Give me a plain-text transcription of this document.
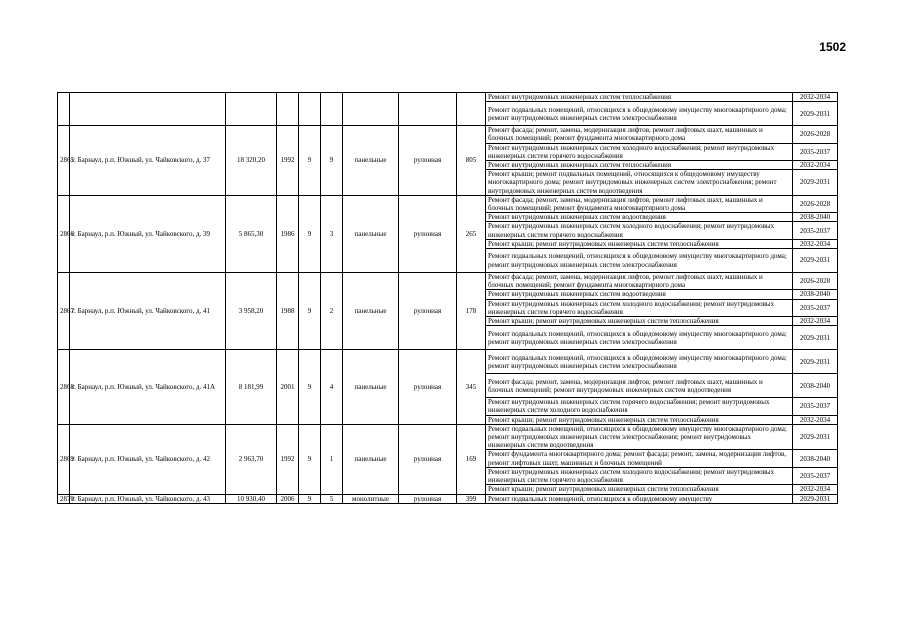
1502
									Ремонт внутридомовых инженерных систем теплоснабжения	2032-2034
									Ремонт подвальных помещений, относящихся к общедомовому имуществу многоквартирного дома; ремонт внутридомовых инженерных систем электроснабжения	2029-2031
2865	г. Барнаул, р.п. Южный, ул. Чайковского, д. 37	18 320,20	1992	9	9	панельные	рулонная	805	Ремонт фасада; ремонт, замена, модернизация лифтов, ремонт лифтовых шахт, машинных и блочных помещений; ремонт фундамента многоквартирного дома	2026-2028
									Ремонт внутридомовых инженерных систем холодного водоснабжения; ремонт внутридомовых инженерных систем горячего водоснабжения	2035-2037
									Ремонт внутридомовых инженерных систем теплоснабжения	2032-2034
									Ремонт крыши; ремонт подвальных помещений, относящихся к общедомовому имуществу многоквартирного дома; ремонт внутридомовых инженерных систем электроснабжения; ремонт внутридомовых инженерных систем водоотведения	2029-2031
2866	г. Барнаул, р.п. Южный, ул. Чайковского, д. 39	5 865,30	1986	9	3	панельные	рулонная	265	Ремонт фасада; ремонт, замена, модернизация лифтов, ремонт лифтовых шахт, машинных и блочных помещений; ремонт фундамента многоквартирного дома	2026-2028
									Ремонт внутридомовых инженерных систем водоотведения	2038-2040
									Ремонт внутридомовых инженерных систем холодного водоснабжения; ремонт внутридомовых инженерных систем горячего водоснабжения	2035-2037
									Ремонт крыши; ремонт внутридомовых инженерных систем теплоснабжения	2032-2034
									Ремонт подвальных помещений, относящихся к общедомовому имуществу многоквартирного дома; ремонт внутридомовых инженерных систем электроснабжения	2029-2031
2867	г. Барнаул, р.п. Южный, ул. Чайковского, д. 41	3 958,20	1988	9	2	панельные	рулонная	178	Ремонт фасада; ремонт, замена, модернизация лифтов, ремонт лифтовых шахт, машинных и блочных помещений; ремонт фундамента многоквартирного дома	2026-2028
									Ремонт внутридомовых инженерных систем водоотведения	2038-2040
									Ремонт внутридомовых инженерных систем холодного водоснабжения; ремонт внутридомовых инженерных систем горячего водоснабжения	2035-2037
									Ремонт крыши; ремонт внутридомовых инженерных систем теплоснабжения	2032-2034
									Ремонт подвальных помещений, относящихся к общедомовому имуществу многоквартирного дома; ремонт внутридомовых инженерных систем электроснабжения	2029-2031
2868	г. Барнаул, р.п. Южный, ул. Чайковского, д. 41А	8 181,99	2001	9	4	панельные	рулонная	345	Ремонт подвальных помещений, относящихся к общедомовому имуществу многоквартирного дома; ремонт внутридомовых инженерных систем электроснабжения	2029-2031
									Ремонт фасада; ремонт, замена, модернизация лифтов, ремонт лифтовых шахт, машинных и блочных помещений; ремонт внутридомовых инженерных систем водоотведения	2038-2040
									Ремонт внутридомовых инженерных систем горячего водоснабжения; ремонт внутридомовых инженерных систем холодного водоснабжения	2035-2037
									Ремонт крыши; ремонт внутридомовых инженерных систем теплоснабжения	2032-2034
2869	г. Барнаул, р.п. Южный, ул. Чайковского, д. 42	2 963,70	1992	9	1	панельные	рулонная	169	Ремонт подвальных помещений, относящихся к общедомовому имуществу многоквартирного дома; ремонт внутридомовых инженерных систем электроснабжения; ремонт внутридомовых инженерных систем водоотведения	2029-2031
									Ремонт фундамента многоквартирного дома; ремонт фасада; ремонт, замена, модернизация лифтов, ремонт лифтовых шахт, машинных и блочных помещений	2038-2040
									Ремонт внутридомовых инженерных систем холодного водоснабжения; ремонт внутридомовых инженерных систем горячего водоснабжения	2035-2037
									Ремонт крыши; ремонт внутридомовых инженерных систем теплоснабжения	2032-2034
2870	г. Барнаул, р.п. Южный, ул. Чайковского, д. 43	10 930,40	2006	9	5	монолитные	рулонная	399	Ремонт подвальных помещений, относящихся к общедомовому имуществу	2029-2031
